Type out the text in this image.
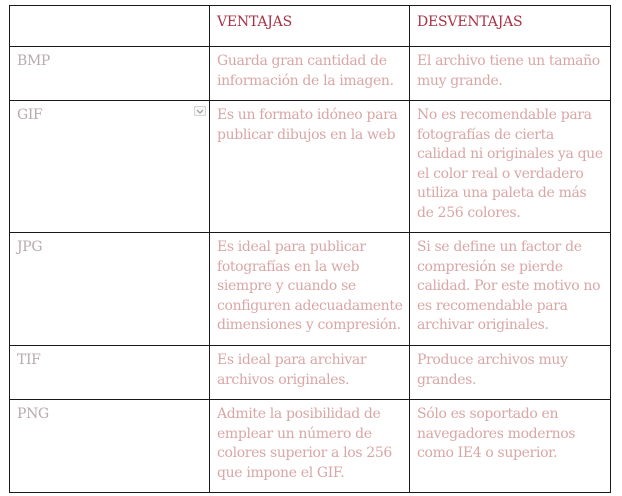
	VENTAJAS	DESVENTAJAS
BMP	Guarda gran cantidad de información de la imagen.	El archivo tiene un tamaño muy grande.
GIF	Es un formato idóneo para publicar dibujos en la web	No es recomendable para fotografías de cierta calidad ni originales ya que el color real o verdadero utiliza una paleta de más de 256 colores.
JPG	Es ideal para publicar fotografías en la web siempre y cuando se configuren adecuadamente dimensiones y compresión.	Si se define un factor de compresión se pierde calidad. Por este motivo no es recomendable para archivar originales.
TIF	Es ideal para archivar archivos originales.	Produce archivos muy grandes.
PNG	Admite la posibilidad de emplear un número de colores superior a los 256 que impone el GIF.	Sólo es soportado en navegadores modernos como IE4 o superior.
